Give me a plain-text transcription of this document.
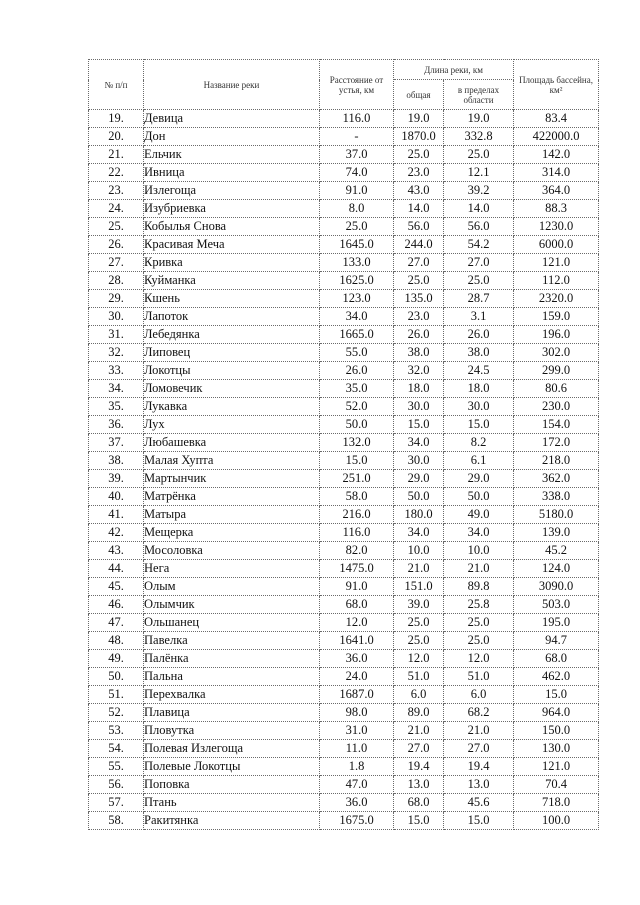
№ п/п	Название реки	Расстояние от устья, км	Длина реки, км		Площадь бассейна, км²
			общая	в пределах области	
19.	Девица	116.0	19.0	19.0	83.4
20.	Дон	-	1870.0	332.8	422000.0
21.	Ельчик	37.0	25.0	25.0	142.0
22.	Ивница	74.0	23.0	12.1	314.0
23.	Излегоща	91.0	43.0	39.2	364.0
24.	Изубриевка	8.0	14.0	14.0	88.3
25.	Кобылья Снова	25.0	56.0	56.0	1230.0
26.	Красивая Меча	1645.0	244.0	54.2	6000.0
27.	Кривка	133.0	27.0	27.0	121.0
28.	Куйманка	1625.0	25.0	25.0	112.0
29.	Кшень	123.0	135.0	28.7	2320.0
30.	Лапоток	34.0	23.0	3.1	159.0
31.	Лебедянка	1665.0	26.0	26.0	196.0
32.	Липовец	55.0	38.0	38.0	302.0
33.	Локотцы	26.0	32.0	24.5	299.0
34.	Ломовечик	35.0	18.0	18.0	80.6
35.	Лукавка	52.0	30.0	30.0	230.0
36.	Лух	50.0	15.0	15.0	154.0
37.	Любашевка	132.0	34.0	8.2	172.0
38.	Малая Хупта	15.0	30.0	6.1	218.0
39.	Мартынчик	251.0	29.0	29.0	362.0
40.	Матрёнка	58.0	50.0	50.0	338.0
41.	Матыра	216.0	180.0	49.0	5180.0
42.	Мещерка	116.0	34.0	34.0	139.0
43.	Мосоловка	82.0	10.0	10.0	45.2
44.	Нега	1475.0	21.0	21.0	124.0
45.	Олым	91.0	151.0	89.8	3090.0
46.	Олымчик	68.0	39.0	25.8	503.0
47.	Ольшанец	12.0	25.0	25.0	195.0
48.	Павелка	1641.0	25.0	25.0	94.7
49.	Палёнка	36.0	12.0	12.0	68.0
50.	Пальна	24.0	51.0	51.0	462.0
51.	Перехвалка	1687.0	6.0	6.0	15.0
52.	Плавица	98.0	89.0	68.2	964.0
53.	Пловутка	31.0	21.0	21.0	150.0
54.	Полевая Излегоща	11.0	27.0	27.0	130.0
55.	Полевые Локотцы	1.8	19.4	19.4	121.0
56.	Поповка	47.0	13.0	13.0	70.4
57.	Птань	36.0	68.0	45.6	718.0
58.	Ракитянка	1675.0	15.0	15.0	100.0
